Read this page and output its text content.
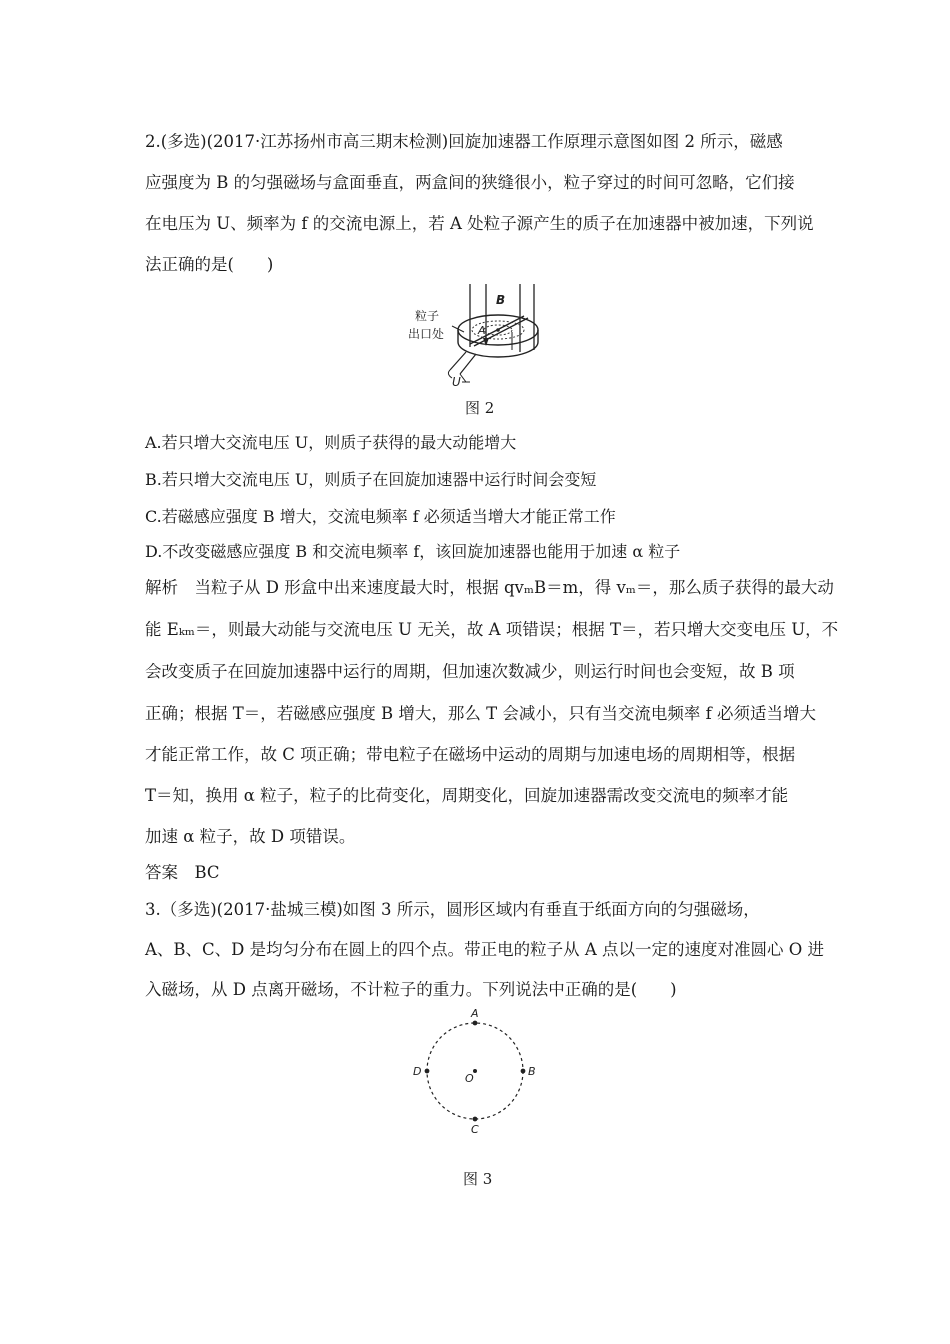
2.(多选)(2017·江苏扬州市高三期末检测)回旋加速器工作原理示意图如图 2 所示，磁感
应强度为 B 的匀强磁场与盒面垂直，两盒间的狭缝很小，粒子穿过的时间可忽略，它们接
在电压为 U、频率为 f 的交流电源上，若 A 处粒子源产生的质子在加速器中被加速，下列说
法正确的是(　　)
粒子
出口处
B
A
U
图 2
A.若只增大交流电压 U，则质子获得的最大动能增大
B.若只增大交流电压 U，则质子在回旋加速器中运行时间会变短
C.若磁感应强度 B 增大，交流电频率 f 必须适当增大才能正常工作
D.不改变磁感应强度 B 和交流电频率 f，该回旋加速器也能用于加速 α 粒子
解析　当粒子从 D 形盒中出来速度最大时，根据 qvₘB＝m，得 vₘ＝，那么质子获得的最大动
能 Eₖₘ＝，则最大动能与交流电压 U 无关，故 A 项错误；根据 T＝，若只增大交变电压 U，不
会改变质子在回旋加速器中运行的周期，但加速次数减少，则运行时间也会变短，故 B 项
正确；根据 T＝，若磁感应强度 B 增大，那么 T 会减小，只有当交流电频率 f 必须适当增大
才能正常工作，故 C 项正确；带电粒子在磁场中运动的周期与加速电场的周期相等，根据
T＝知，换用 α 粒子，粒子的比荷变化，周期变化，回旋加速器需改变交流电的频率才能
加速 α 粒子，故 D 项错误。
答案　BC
3.（多选)(2017·盐城三模)如图 3 所示，圆形区域内有垂直于纸面方向的匀强磁场，
A、B、C、D 是均匀分布在圆上的四个点。带正电的粒子从 A 点以一定的速度对准圆心 O 进
入磁场，从 D 点离开磁场，不计粒子的重力。下列说法中正确的是(　　)
A
B
C
D
O
图 3
